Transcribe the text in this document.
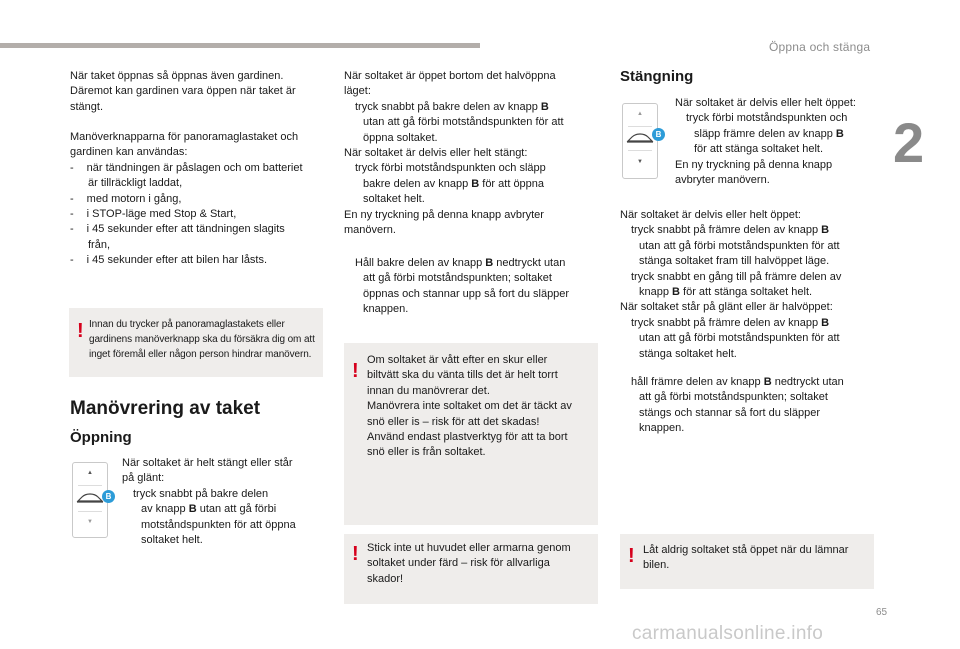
Öppna och stänga
2
65
carmanualsonline.info

När taket öppnas så öppnas även gardinen.
Däremot kan gardinen vara öppen när taket är
stängt.

Manöverknapparna för panoramaglastaket och
gardinen kan användas:
- när tändningen är påslagen och om batteriet
är tillräckligt laddat,
- med motorn i gång,
- i STOP-läge med Stop & Start,
- i 45 sekunder efter att tändningen slagits
från,
- i 45 sekunder efter att bilen har låsts.

! Innan du trycker på panoramaglastakets eller
gardinens manöverknapp ska du försäkra dig om att
inget föremål eller någon person hindrar manövern.

Manövrering av taket
Öppning
▲
▼
B

När soltaket är helt stängt eller står
på glänt:
tryck snabbt på bakre delen
av knapp B utan att gå förbi
motståndspunkten för att öppna
soltaket helt.

När soltaket är öppet bortom det halvöppna
läget:
tryck snabbt på bakre delen av knapp B
utan att gå förbi motståndspunkten för att
öppna soltaket.
När soltaket är delvis eller helt stängt:
tryck förbi motståndspunkten och släpp
bakre delen av knapp B för att öppna
soltaket helt.
En ny tryckning på denna knapp avbryter
manövern.

Håll bakre delen av knapp B nedtryckt utan
att gå förbi motståndspunkten; soltaket
öppnas och stannar upp så fort du släpper
knappen.

! Om soltaket är vått efter en skur eller
biltvätt ska du vänta tills det är helt torrt
innan du manövrerar det.
Manövrera inte soltaket om det är täckt av
snö eller is – risk för att det skadas!
Använd endast plastverktyg för att ta bort
snö eller is från soltaket.

! Stick inte ut huvudet eller armarna genom
soltaket under färd – risk för allvarliga
skador!

Stängning
▲
▼
B

När soltaket är delvis eller helt öppet:
tryck förbi motståndspunkten och
släpp främre delen av knapp B
för att stänga soltaket helt.
En ny tryckning på denna knapp
avbryter manövern.

När soltaket är delvis eller helt öppet:
tryck snabbt på främre delen av knapp B
utan att gå förbi motståndspunkten för att
stänga soltaket fram till halvöppet läge.
tryck snabbt en gång till på främre delen av
knapp B för att stänga soltaket helt.
När soltaket står på glänt eller är halvöppet:
tryck snabbt på främre delen av knapp B
utan att gå förbi motståndspunkten för att
stänga soltaket helt.

håll främre delen av knapp B nedtryckt utan
att gå förbi motståndspunkten; soltaket
stängs och stannar så fort du släpper
knappen.

! Låt aldrig soltaket stå öppet när du lämnar
bilen.
